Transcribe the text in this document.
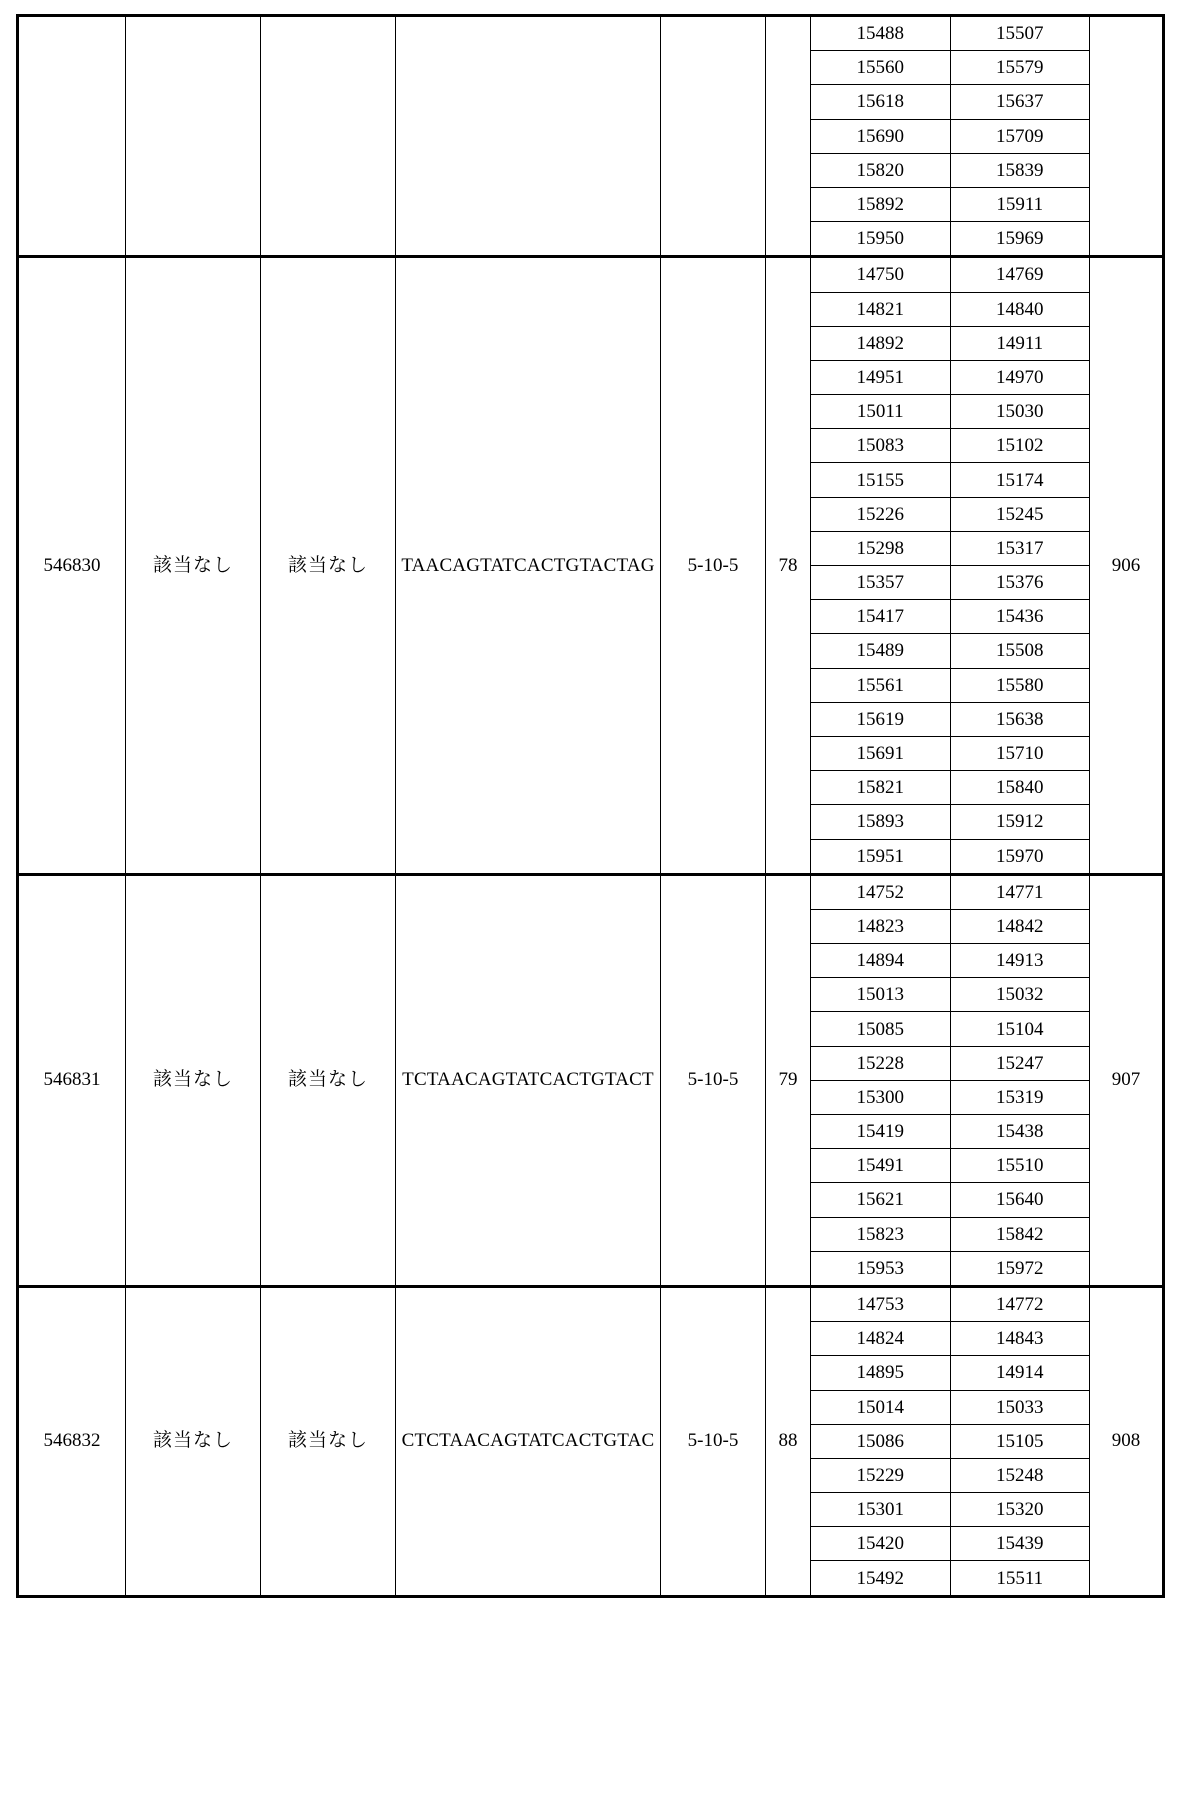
15488	15507
15560	15579
15618	15637
15690	15709
15820	15839
15892	15911
15950	15969

546830	該当なし	該当なし	TAACAGTATCACTGTACTAG	5-10-5	78	
14750	14769
14821	14840
14892	14911
14951	14970
15011	15030
15083	15102
15155	15174
15226	15245
15298	15317
15357	15376
15417	15436
15489	15508
15561	15580
15619	15638
15691	15710
15821	15840
15893	15912
15951	15970
	906
546831	該当なし	該当なし	TCTAACAGTATCACTGTACT	5-10-5	79	
14752	14771
14823	14842
14894	14913
15013	15032
15085	15104
15228	15247
15300	15319
15419	15438
15491	15510
15621	15640
15823	15842
15953	15972
	907
546832	該当なし	該当なし	CTCTAACAGTATCACTGTAC	5-10-5	88	
14753	14772
14824	14843
14895	14914
15014	15033
15086	15105
15229	15248
15301	15320
15420	15439
15492	15511
	908
